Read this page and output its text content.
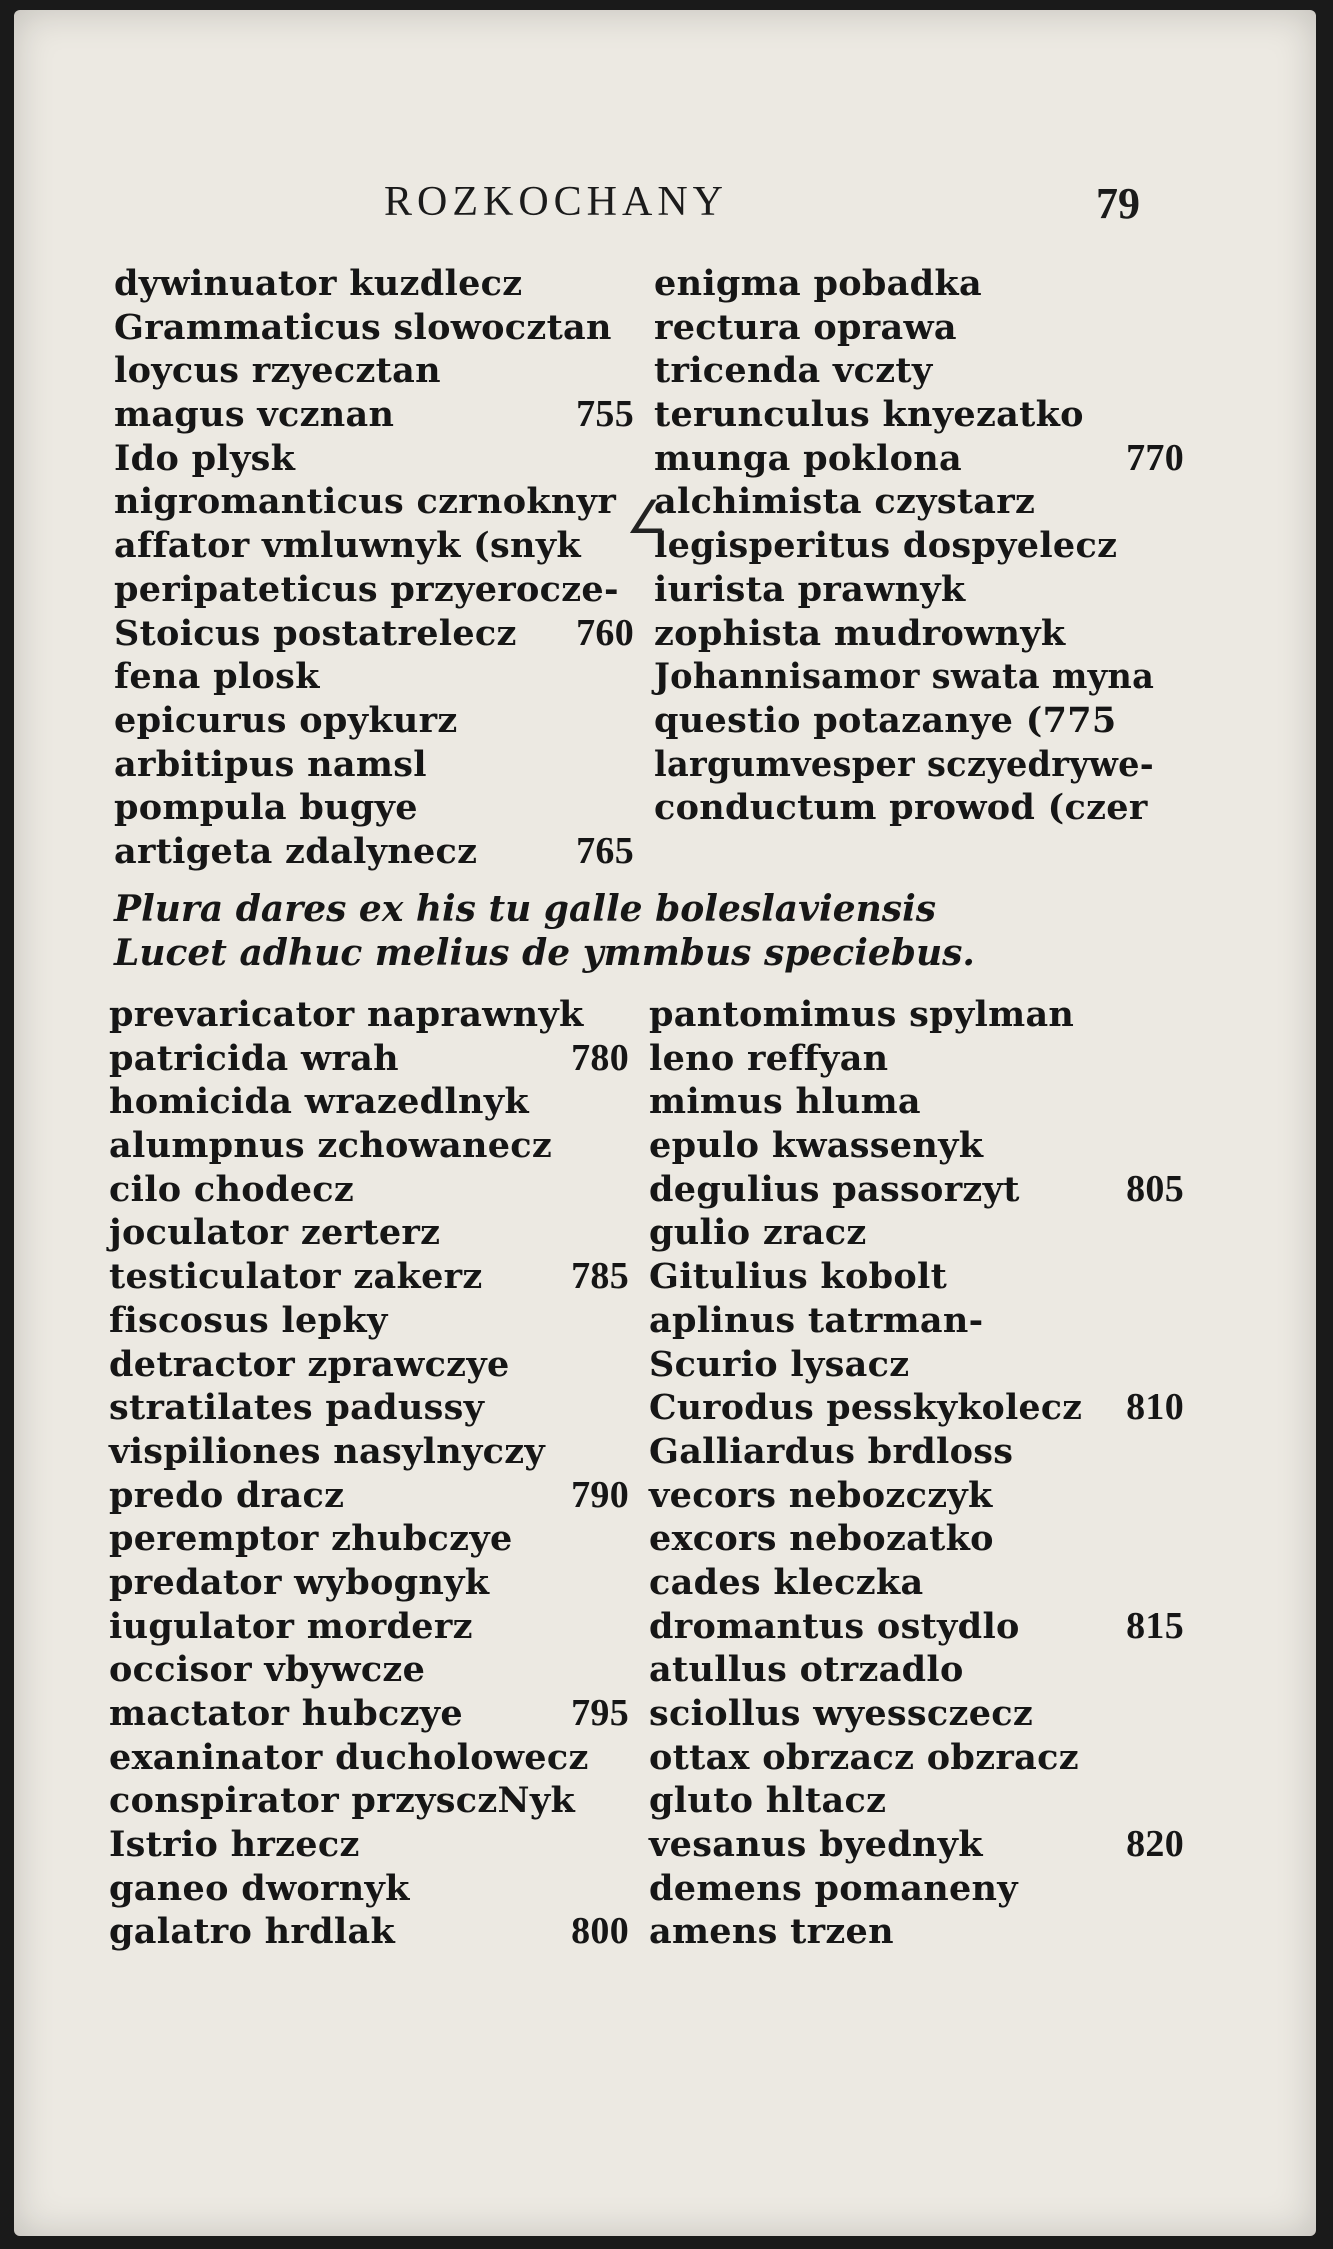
ROZKOCHANY	79
dywinuator kuzdlecz
Grammaticus slowocztan
loycus rzyecztan
magus vcznan	755
Ido plysk
nigromanticus czrnoknyr
affator vmluwnyk (snyk
peripateticus przyerocze-
Stoicus postatrelecz 760
fena plosk
epicurus opykurz
arbitipus namsl
pompula bugye
artigeta zdalynecz	765
enigma pobadka
rectura oprawa
tricenda vczty
terunculus knyezatko
munga poklona	770
alchimista czystarz
legisperitus dospyelecz
iurista prawnyk
zophista mudrownyk
Johannisamor swata myna
questio potazanye (775
largumvesper sczyedrywe-
conductum prowod (czer
Plura dares ex his tu galle boleslaviensis
Lucet adhuc melius de ymmbus speciebus.
prevaricator naprawnyk
patricida wrah	780
homicida wrazedlnyk
alumpnus zchowanecz
cilo chodecz
joculator zerterz
testiculator zakerz 785
fiscosus lepky
detractor zprawczye
stratilates padussy
vispiliones nasylnyczy
predo dracz	790
peremptor zhubczye
predator wybognyk
iugulator morderz
occisor vbywcze
mactator hubczye	795
exaninator ducholowecz
conspirator przysczNyk
Istrio hrzecz
ganeo dwornyk
galatro hrdlak	800
pantomimus spylman
leno reffyan
mimus hluma
epulo kwassenyk
degulius passorzyt	805
gulio zracz
Gitulius kobolt
aplinus tatrman-
Scurio lysacz
Curodus pesskykolecz 810
Galliardus brdloss
vecors nebozczyk
excors nebozatko
cades kleczka
dromantus ostydlo	815
atullus otrzadlo
sciollus wyessczecz
ottax obrzacz obzracz
gluto hltacz
vesanus byednyk	820
demens pomaneny
amens trzen
∠
